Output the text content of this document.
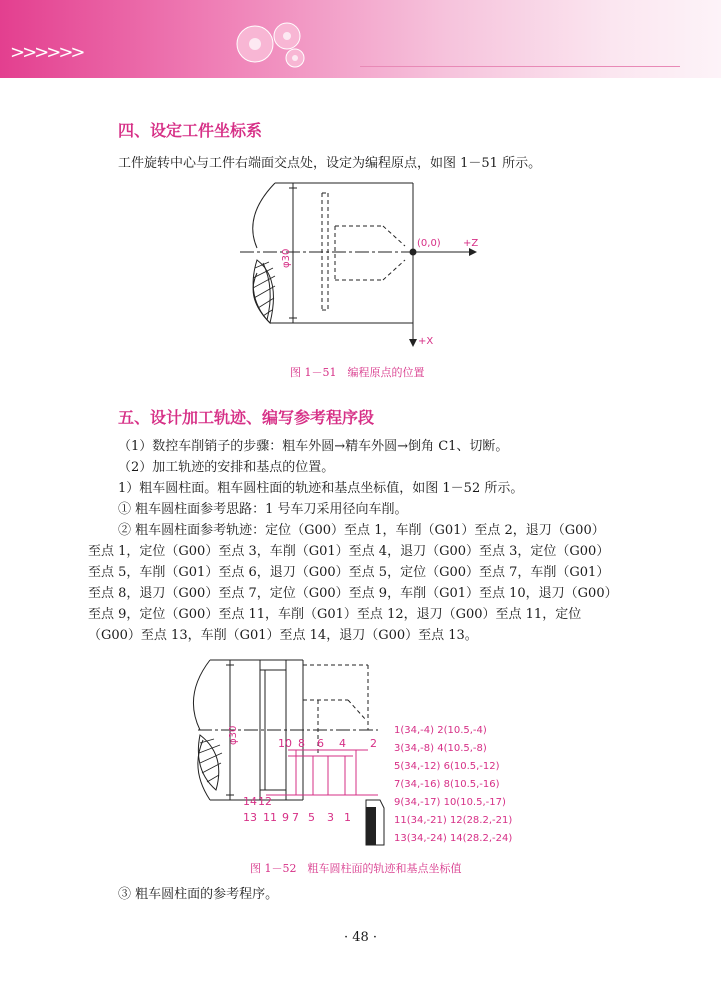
>>>>>>
四、设定工件坐标系

工件旋转中心与工件右端面交点处，设定为编程原点，如图 1－51 所示。

(0,0) +Z
+X
φ30

图 1－51　编程原点的位置

五、设计加工轨迹、编写参考程序段

（1）数控车削销子的步骤：粗车外圆→精车外圆→倒角 C1、切断。

（2）加工轨迹的安排和基点的位置。

1）粗车圆柱面。粗车圆柱面的轨迹和基点坐标值，如图 1－52 所示。

① 粗车圆柱面参考思路：1 号车刀采用径向车削。

② 粗车圆柱面参考轨迹：定位（G00）至点 1，车削（G01）至点 2，退刀（G00）

至点 1，定位（G00）至点 3，车削（G01）至点 4，退刀（G00）至点 3，定位（G00）

至点 5，车削（G01）至点 6，退刀（G00）至点 5，定位（G00）至点 7，车削（G01）

至点 8，退刀（G00）至点 7，定位（G00）至点 9，车削（G01）至点 10，退刀（G00）

至点 9，定位（G00）至点 11，车削（G01）至点 12，退刀（G00）至点 11，定位

（G00）至点 13，车削（G01）至点 14，退刀（G00）至点 13。

φ30	10 8 6 4 2
14 12
13 11 9 7 5 3 1
1(34,-4) 2(10.5,-4)
3(34,-8) 4(10.5,-8)
5(34,-12) 6(10.5,-12)
7(34,-16) 8(10.5,-16)
9(34,-17) 10(10.5,-17)
11(34,-21) 12(28.2,-21)
13(34,-24) 14(28.2,-24)

图 1－52　粗车圆柱面的轨迹和基点坐标值

③ 粗车圆柱面的参考程序。

· 48 ·
